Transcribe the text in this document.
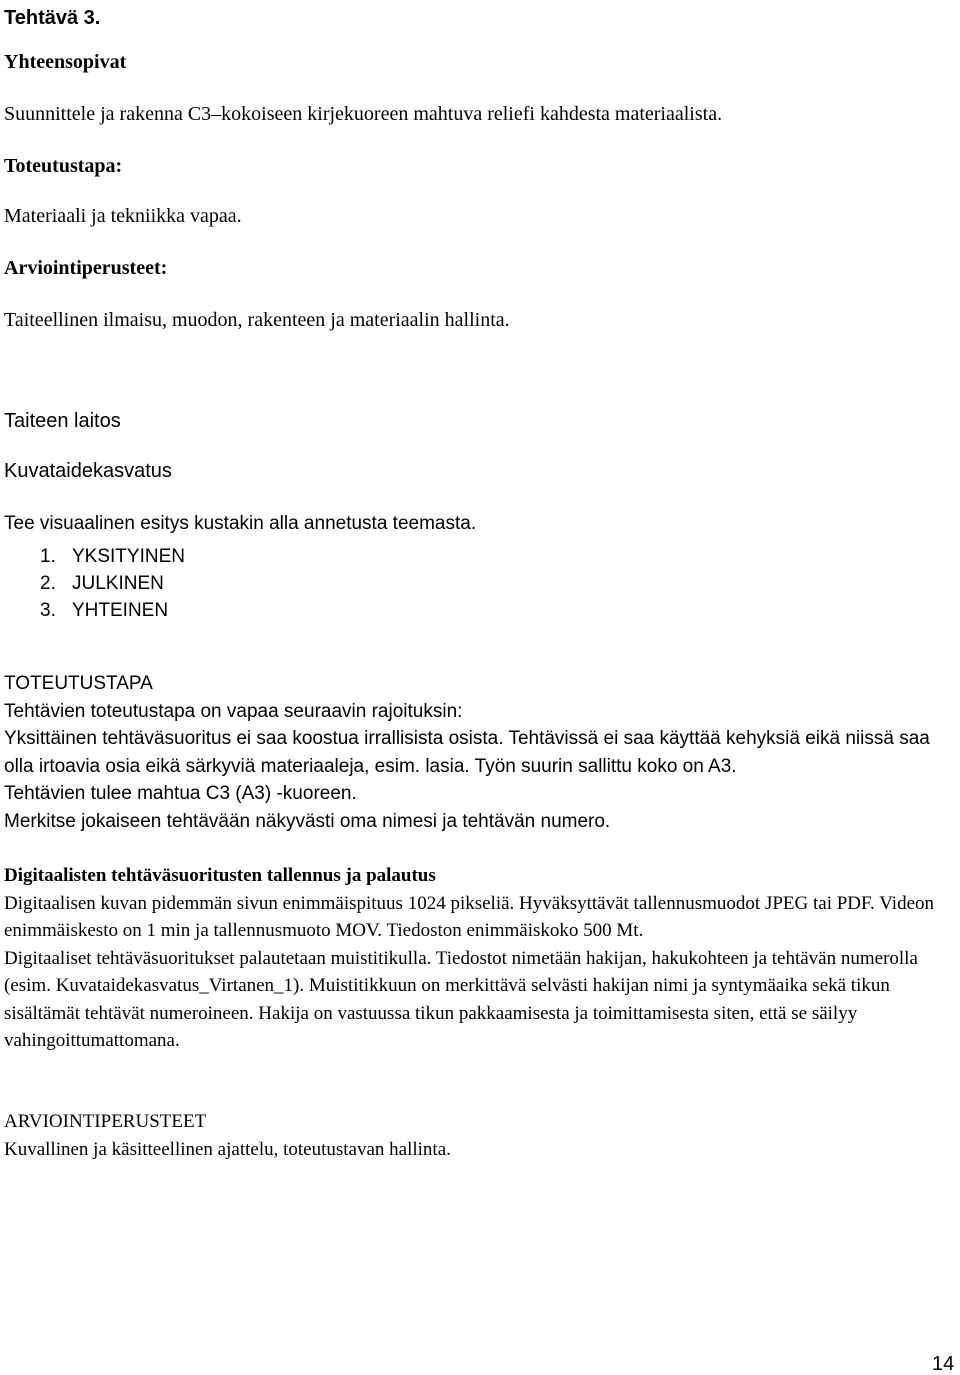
Tehtävä 3.

Yhteensopivat

Suunnittele ja rakenna C3–kokoiseen kirjekuoreen mahtuva reliefi kahdesta materiaalista.

Toteutustapa:

Materiaali ja tekniikka vapaa.

Arviointiperusteet:

Taiteellinen ilmaisu, muodon, rakenteen ja materiaalin hallinta.

Taiteen laitos

Kuvataidekasvatus

Tee visuaalinen esitys kustakin alla annetusta teemasta.

1. YKSITYINEN
2. JULKINEN
3. YHTEINEN
TOTEUTUSTAPA
Tehtävien toteutustapa on vapaa seuraavin rajoituksin:
Yksittäinen tehtäväsuoritus ei saa koostua irrallisista osista. Tehtävissä ei saa käyttää kehyksiä eikä niissä saa olla irtoavia osia eikä särkyviä materiaaleja, esim. lasia. Työn suurin sallittu koko on A3.
Tehtävien tulee mahtua C3 (A3) -kuoreen.
Merkitse jokaiseen tehtävään näkyvästi oma nimesi ja tehtävän numero.
Digitaalisten tehtäväsuoritusten tallennus ja palautus
Digitaalisen kuvan pidemmän sivun enimmäispituus 1024 pikseliä. Hyväksyttävät tallennusmuodot JPEG tai PDF. Videon enimmäiskesto on 1 min ja tallennusmuoto MOV. Tiedoston enimmäiskoko 500 Mt.
Digitaaliset tehtäväsuoritukset palautetaan muistitikulla. Tiedostot nimetään hakijan, hakukohteen ja tehtävän numerolla (esim. Kuvataidekasvatus_Virtanen_1). Muistitikkuun on merkittävä selvästi hakijan nimi ja syntymäaika sekä tikun sisältämät tehtävät numeroineen. Hakija on vastuussa tikun pakkaamisesta ja toimittamisesta siten, että se säilyy vahingoittumattomana.
ARVIOINTIPERUSTEET
Kuvallinen ja käsitteellinen ajattelu, toteutustavan hallinta.
14
